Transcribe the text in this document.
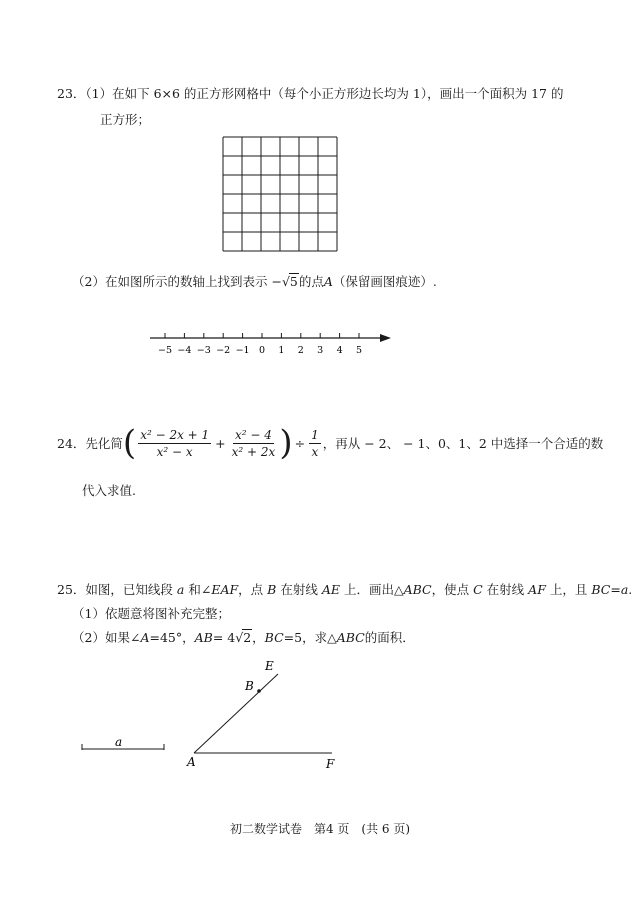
23．（1）在如下 6×6 的正方形网格中（每个小正方形边长均为 1），画出一个面积为 17 的
正方形；
（2）在如图所示的数轴上找到表示 −√5的点A（保留画图痕迹）.
−5 −4 −3 −2 −1 0 1 2 3 4 5
24． 先化简 ( $\frac{\text{x² − 2x + 1}}{\text{x² − x}} + \frac{\text{x² − 4}}{\text{x² + 2x}}$ ) ÷ $\frac{1}{x}$ ，再从 − 2、 − 1、0、1、2 中选择一个合适的数
代入求值.
25．如图，已知线段 a 和∠EAF，点 B 在射线 AE 上．画出△ABC，使点 C 在射线 AF 上，且 BC=a.
（1）依题意将图补充完整；
（2）如果∠A=45°，AB= 4√2，BC=5，求△ABC的面积．
a
E
B
A	F
初二数学试卷　第4 页　(共 6 页)
